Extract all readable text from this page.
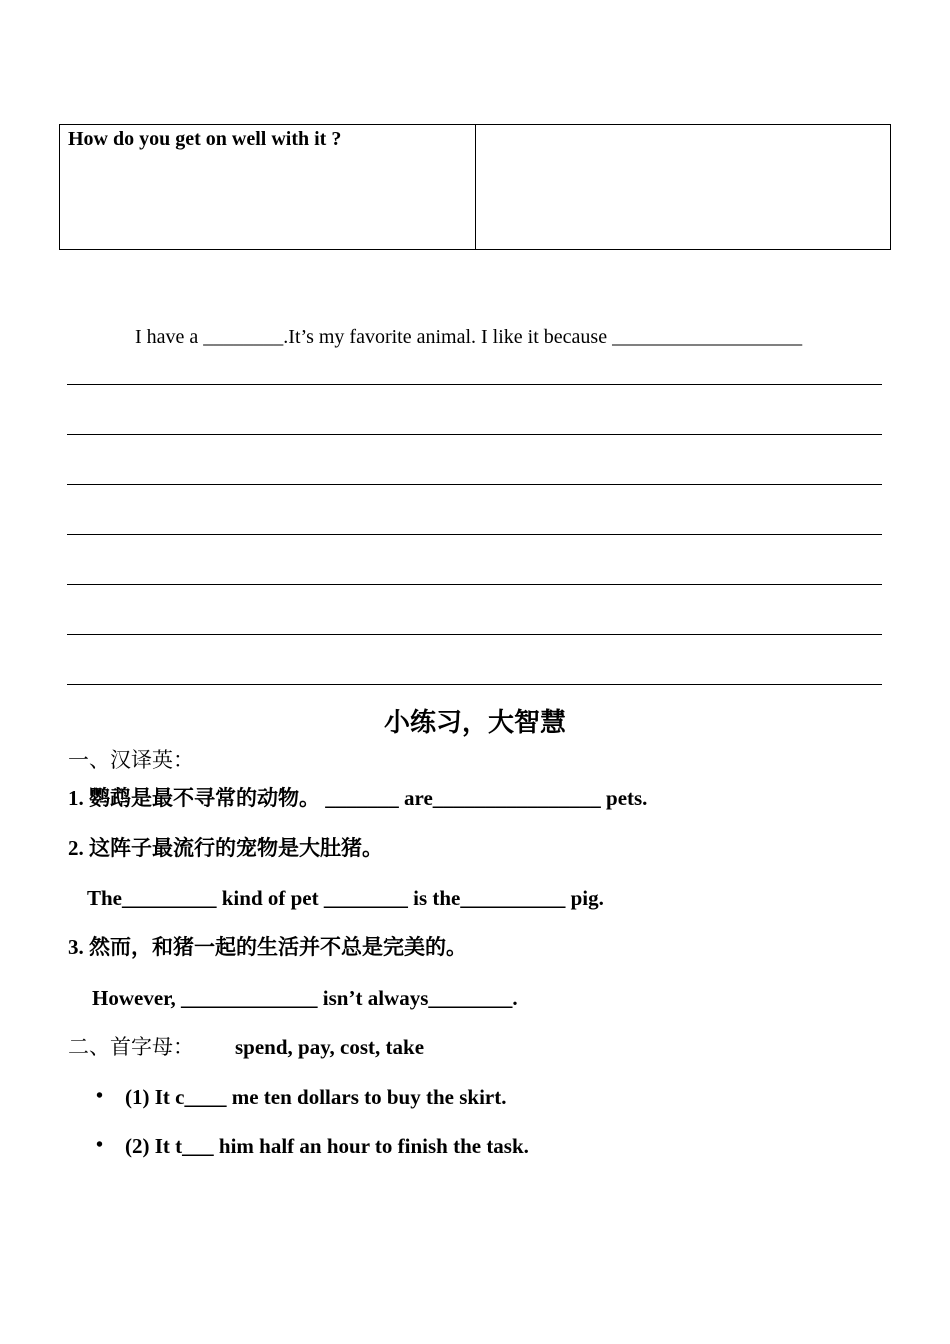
How do you get on well with it ?
I have a ________.It’s my favorite animal. I like it because ___________________
小练习，大智慧
一、汉译英：
1. 鹦鹉是最不寻常的动物。 _______ are________________ pets.
2. 这阵子最流行的宠物是大肚猪。
The_________ kind of pet ________ is the__________ pig.
3. 然而，和猪一起的生活并不总是完美的。
However, _____________ isn’t always________.
二、首字母： spend, pay, cost, take
• (1) It c____ me ten dollars to buy the skirt.
• (2) It t___ him half an hour to finish the task.
